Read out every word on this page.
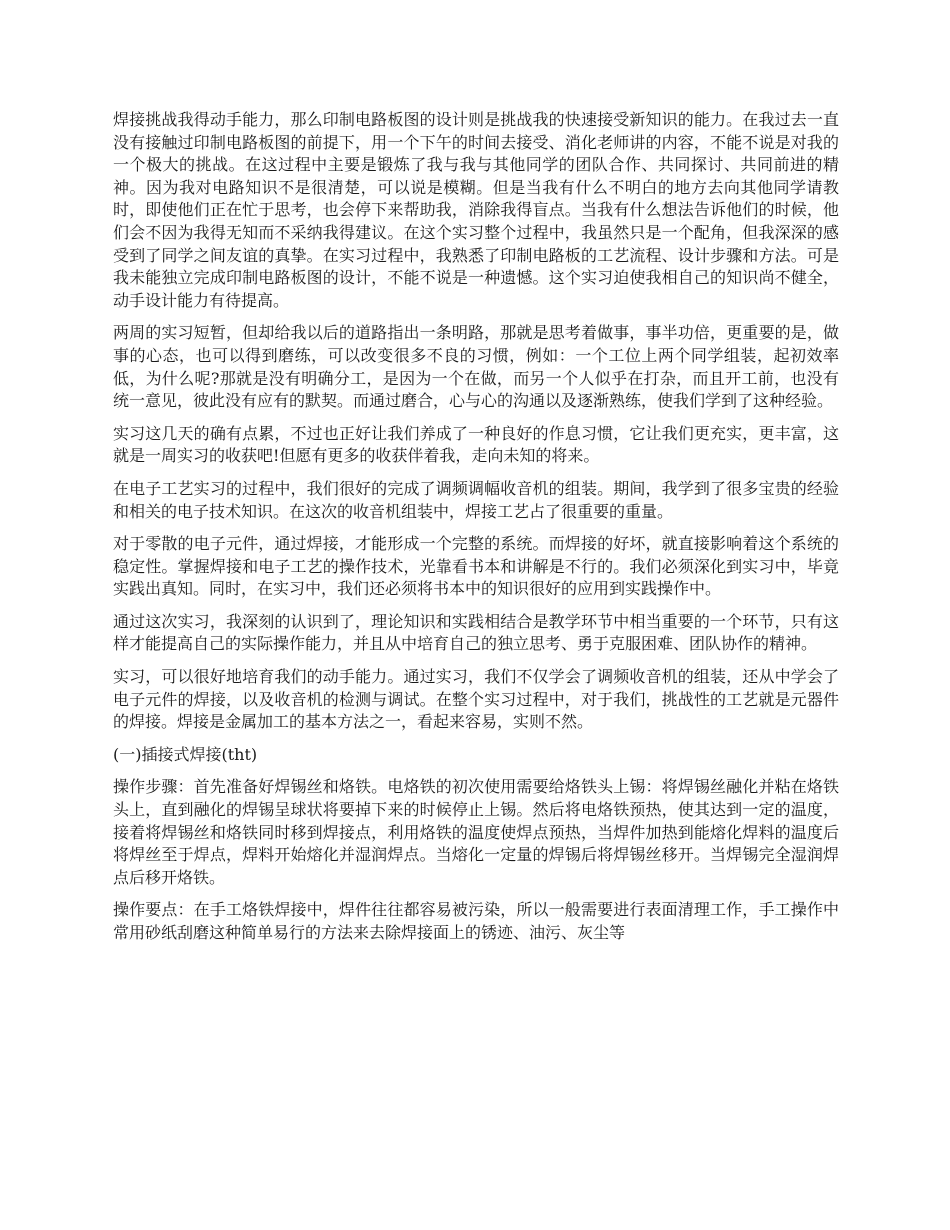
焊接挑战我得动手能力，那么印制电路板图的设计则是挑战我的快速接受新知识的能力。在我过去一直没有接触过印制电路板图的前提下，用一个下午的时间去接受、消化老师讲的内容，不能不说是对我的一个极大的挑战。在这过程中主要是锻炼了我与我与其他同学的团队合作、共同探讨、共同前进的精神。因为我对电路知识不是很清楚，可以说是模糊。但是当我有什么不明白的地方去向其他同学请教时，即使他们正在忙于思考，也会停下来帮助我，消除我得盲点。当我有什么想法告诉他们的时候，他们会不因为我得无知而不采纳我得建议。在这个实习整个过程中，我虽然只是一个配角，但我深深的感受到了同学之间友谊的真挚。在实习过程中，我熟悉了印制电路板的工艺流程、设计步骤和方法。可是我未能独立完成印制电路板图的设计，不能不说是一种遗憾。这个实习迫使我相自己的知识尚不健全，动手设计能力有待提高。

两周的实习短暂，但却给我以后的道路指出一条明路，那就是思考着做事，事半功倍，更重要的是，做事的心态，也可以得到磨练，可以改变很多不良的习惯，例如：一个工位上两个同学组装，起初效率低，为什么呢?那就是没有明确分工，是因为一个在做，而另一个人似乎在打杂，而且开工前，也没有统一意见，彼此没有应有的默契。而通过磨合，心与心的沟通以及逐渐熟练，使我们学到了这种经验。

实习这几天的确有点累，不过也正好让我们养成了一种良好的作息习惯，它让我们更充实，更丰富，这就是一周实习的收获吧!但愿有更多的收获伴着我，走向未知的将来。

在电子工艺实习的过程中，我们很好的完成了调频调幅收音机的组装。期间，我学到了很多宝贵的经验和相关的电子技术知识。在这次的收音机组装中，焊接工艺占了很重要的重量。

对于零散的电子元件，通过焊接，才能形成一个完整的系统。而焊接的好坏，就直接影响着这个系统的稳定性。掌握焊接和电子工艺的操作技术，光靠看书本和讲解是不行的。我们必须深化到实习中，毕竟实践出真知。同时，在实习中，我们还必须将书本中的知识很好的应用到实践操作中。

通过这次实习，我深刻的认识到了，理论知识和实践相结合是教学环节中相当重要的一个环节，只有这样才能提高自己的实际操作能力，并且从中培育自己的独立思考、勇于克服困难、团队协作的精神。

实习，可以很好地培育我们的动手能力。通过实习，我们不仅学会了调频收音机的组装，还从中学会了电子元件的焊接，以及收音机的检测与调试。在整个实习过程中，对于我们，挑战性的工艺就是元器件的焊接。焊接是金属加工的基本方法之一，看起来容易，实则不然。

(一)插接式焊接(tht)

操作步骤：首先准备好焊锡丝和烙铁。电烙铁的初次使用需要给烙铁头上锡：将焊锡丝融化并粘在烙铁头上，直到融化的焊锡呈球状将要掉下来的时候停止上锡。然后将电烙铁预热，使其达到一定的温度，接着将焊锡丝和烙铁同时移到焊接点，利用烙铁的温度使焊点预热，当焊件加热到能熔化焊料的温度后将焊丝至于焊点，焊料开始熔化并湿润焊点。当熔化一定量的焊锡后将焊锡丝移开。当焊锡完全湿润焊点后移开烙铁。

操作要点：在手工烙铁焊接中，焊件往往都容易被污染，所以一般需要进行表面清理工作，手工操作中常用砂纸刮磨这种简单易行的方法来去除焊接面上的锈迹、油污、灰尘等
